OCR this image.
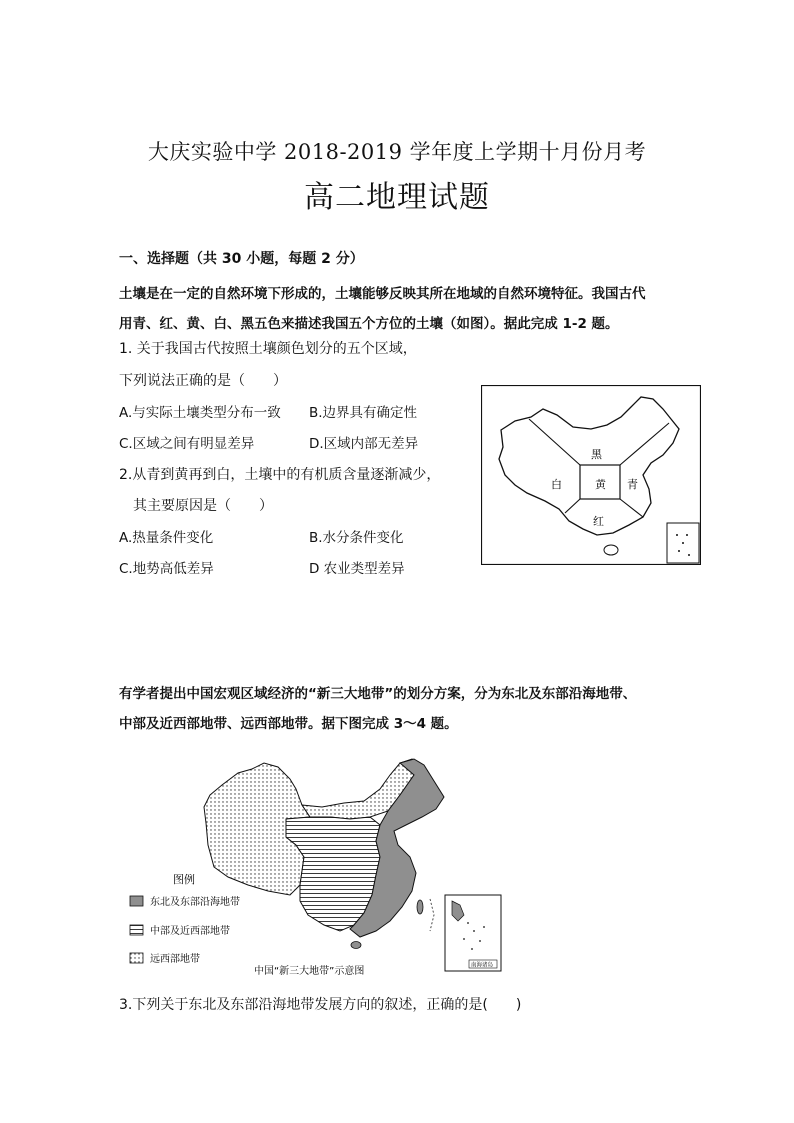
大庆实验中学 2018-2019 学年度上学期十月份月考
高二地理试题
一、选择题（共 30 小题，每题 2 分）
土壤是在一定的自然环境下形成的，土壤能够反映其所在地域的自然环境特征。我国古代
用青、红、黄、白、黑五色来描述我国五个方位的土壤（如图）。据此完成 1-2 题。
1. 关于我国古代按照土壤颜色划分的五个区域，
下列说法正确的是（　　）
A.与实际土壤类型分布一致 B.边界具有确定性
C.区域之间有明显差异	D.区域内部无差异
2.从青到黄再到白，土壤中的有机质含量逐渐减少，
其主要原因是（　　）
A.热量条件变化	B.水分条件变化
C.地势高低差异	D 农业类型差异
黑
白	黄 青
红
有学者提出中国宏观区域经济的“新三大地带”的划分方案，分为东北及东部沿海地带、
中部及近西部地带、远西部地带。据下图完成 3～4 题。
南海诸岛
图例
东北及东部沿海地带
中部及近西部地带
远西部地带
中国“新三大地带”示意图
3.下列关于东北及东部沿海地带发展方向的叙述，正确的是(　　)
